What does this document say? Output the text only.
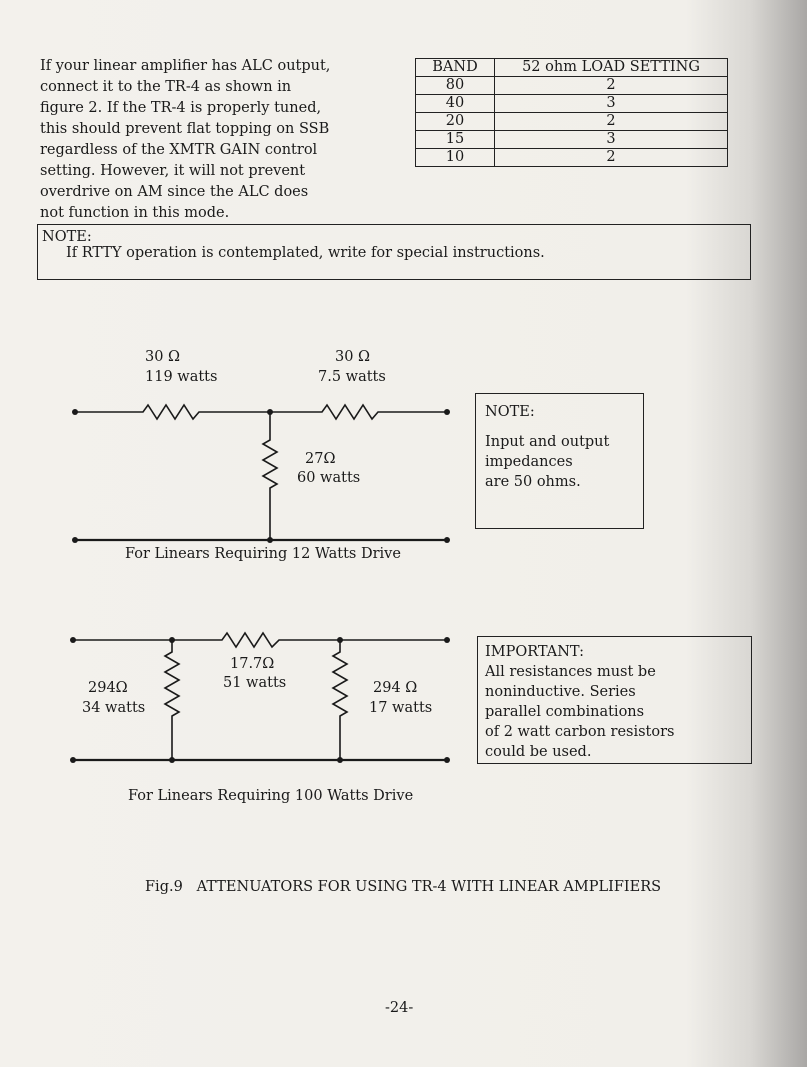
If your linear amplifier has ALC output,
connect it to the TR-4 as shown in
figure 2. If the TR-4 is properly tuned,
this should prevent flat topping on SSB
regardless of the XMTR GAIN control
setting. However, it will not prevent
overdrive on AM since the ALC does
not function in this mode.
BAND	52 ohm LOAD SETTING
80	2
40	3
20	2
15	3
10	2
NOTE:
If RTTY operation is contemplated, write for special instructions.
30 Ω
119 watts
30 Ω
7.5 watts
27Ω
60 watts
NOTE:
Input and output
impedances
are 50 ohms.
For Linears Requiring 12 Watts Drive
294Ω
34 watts
17.7Ω
51 watts	294 Ω
17 watts
IMPORTANT:
All resistances must be
noninductive. Series
parallel combinations
of 2 watt carbon resistors
could be used.
For Linears Requiring 100 Watts Drive
Fig.9   ATTENUATORS FOR USING TR-4 WITH LINEAR AMPLIFIERS
-24-
